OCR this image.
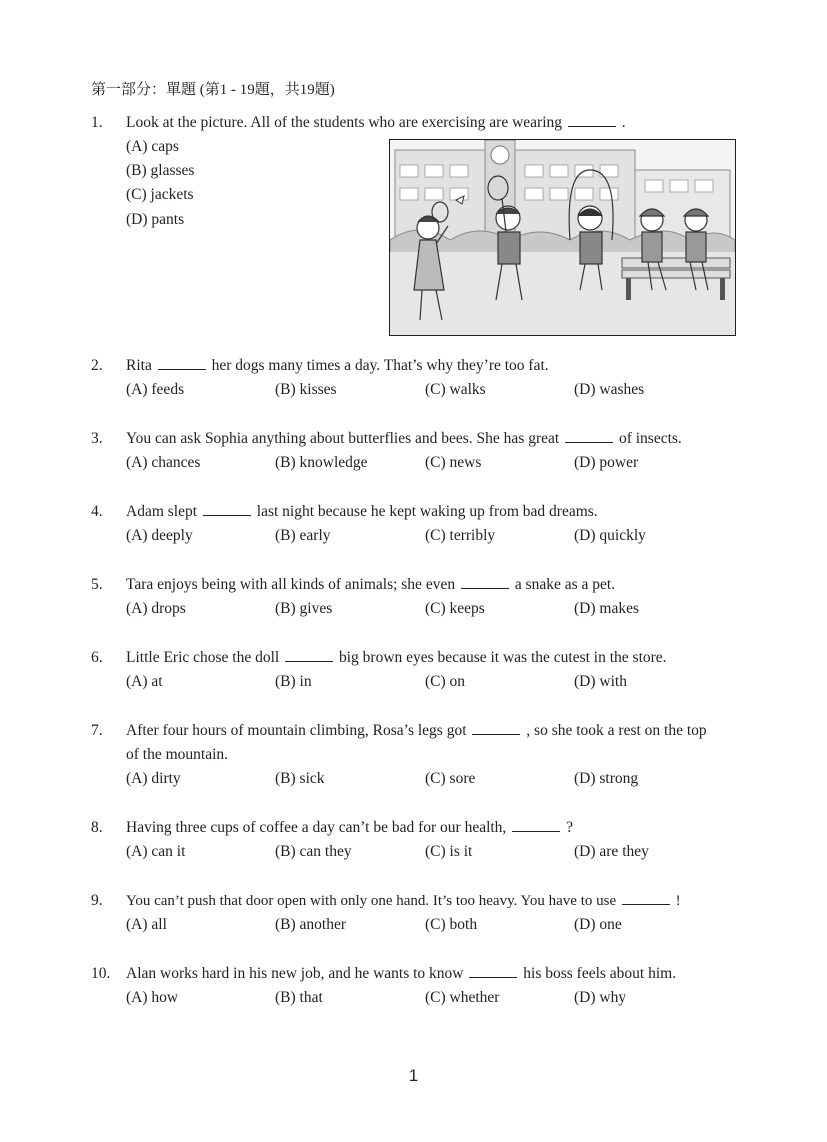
第一部分：單題 (第1 - 19題，共19題)
1. Look at the picture. All of the students who are exercising are wearing	.
(A) caps
(B) glasses
(C) jackets
(D) pants
2. Rita	her dogs many times a day. That’s why they’re too fat.
(A) feeds	(B) kisses	(C) walks	(D) washes
3. You can ask Sophia anything about butterflies and bees. She has great	of insects.
(A) chances	(B) knowledge	(C) news	(D) power
4. Adam slept	last night because he kept waking up from bad dreams.
(A) deeply	(B) early	(C) terribly	(D) quickly
5. Tara enjoys being with all kinds of animals; she even	a snake as a pet.
(A) drops	(B) gives	(C) keeps	(D) makes
6. Little Eric chose the doll	big brown eyes because it was the cutest in the store.
(A) at	(B) in	(C) on	(D) with
7. After four hours of mountain climbing, Rosa’s legs got	, so she took a rest on the top
of the mountain.
(A) dirty	(B) sick	(C) sore	(D) strong
8. Having three cups of coffee a day can’t be bad for our health,	?
(A) can it	(B) can they	(C) is it	(D) are they
9. You can’t push that door open with only one hand. It’s too heavy. You have to use	!
(A) all	(B) another	(C) both	(D) one
10. Alan works hard in his new job, and he wants to know	his boss feels about him.
(A) how	(B) that	(C) whether	(D) why
1
